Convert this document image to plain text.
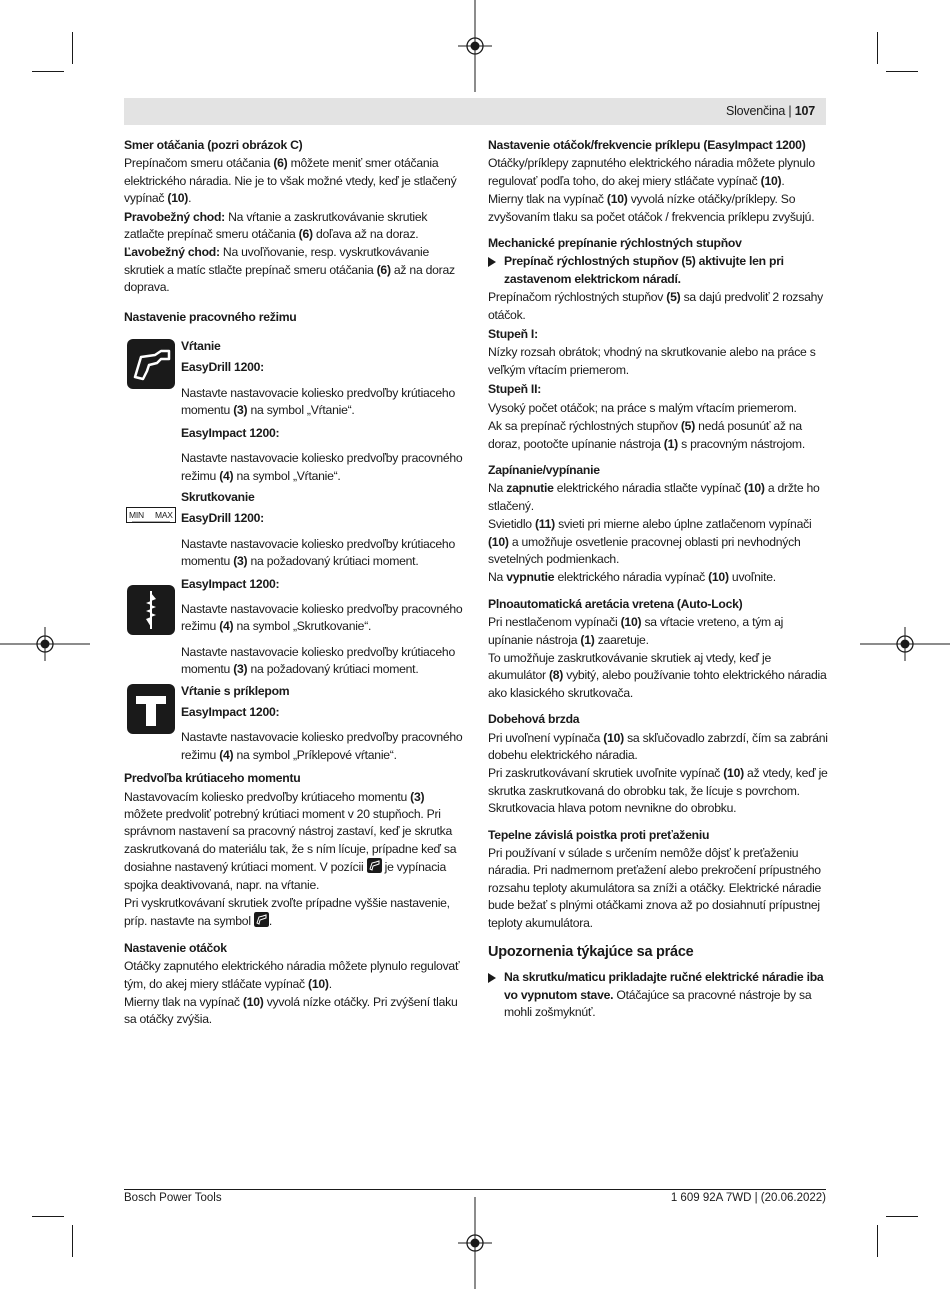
Slovenčina | 107
Smer otáčania (pozri obrázok C)
Prepínačom smeru otáčania (6) môžete meniť smer otáčania elektrického náradia. Nie je to však možné vtedy, keď je stlačený vypínač (10).
Pravobežný chod: Na vŕtanie a zaskrutkovávanie skrutiek zatlačte prepínač smeru otáčania (6) doľava až na doraz.
Ľavobežný chod: Na uvoľňovanie, resp. vyskrutkovávanie skrutiek a matíc stlačte prepínač smeru otáčania (6) až na doraz doprava.
Nastavenie pracovného režimu
Vŕtanie
EasyDrill 1200:
Nastavte nastavovacie koliesko predvoľby krútiaceho momentu (3) na symbol „Vŕtanie“.
EasyImpact 1200:
Nastavte nastavovacie koliesko predvoľby pracovného režimu (4) na symbol „Vŕtanie“.
MIN MAX
Skrutkovanie
EasyDrill 1200:
Nastavte nastavovacie koliesko predvoľby krútiaceho momentu (3) na požadovaný krútiaci moment.
EasyImpact 1200:
Nastavte nastavovacie koliesko predvoľby pracovného režimu (4) na symbol „Skrutkovanie“.
Nastavte nastavovacie koliesko predvoľby krútiaceho momentu (3) na požadovaný krútiaci moment.
Vŕtanie s príklepom
EasyImpact 1200:
Nastavte nastavovacie koliesko predvoľby pracovného režimu (4) na symbol „Príklepové vŕtanie“.
Predvoľba krútiaceho momentu
Nastavovacím koliesko predvoľby krútiaceho momentu (3) môžete predvoliť potrebný krútiaci moment v 20 stupňoch. Pri správnom nastavení sa pracovný nástroj zastaví, keď je skrutka zaskrutkovaná do materiálu tak, že s ním lícuje, prípadne keď sa dosiahne nastavený krútiaci moment. V pozícii  je vypínacia spojka deaktivovaná, napr. na vŕtanie.
Pri vyskrutkovávaní skrutiek zvoľte prípadne vyššie nastavenie, príp. nastavte na symbol .
Nastavenie otáčok
Otáčky zapnutého elektrického náradia môžete plynulo regulovať tým, do akej miery stláčate vypínač (10).
Mierny tlak na vypínač (10) vyvolá nízke otáčky. Pri zvýšení tlaku sa otáčky zvýšia.
Nastavenie otáčok/frekvencie príklepu (EasyImpact 1200)
Otáčky/príklepy zapnutého elektrického náradia môžete plynulo regulovať podľa toho, do akej miery stláčate vypínač (10).
Mierny tlak na vypínač (10) vyvolá nízke otáčky/príklepy. So zvyšovaním tlaku sa počet otáčok / frekvencia príklepu zvyšujú.
Mechanické prepínanie rýchlostných stupňov
Prepínač rýchlostných stupňov (5) aktivujte len pri zastavenom elektrickom náradí.
Prepínačom rýchlostných stupňov (5) sa dajú predvoliť 2 rozsahy otáčok.
Stupeň I:
Nízky rozsah obrátok; vhodný na skrutkovanie alebo na práce s veľkým vŕtacím priemerom.
Stupeň II:
Vysoký počet otáčok; na práce s malým vŕtacím priemerom.
Ak sa prepínač rýchlostných stupňov (5) nedá posunúť až na doraz, pootočte upínanie nástroja (1) s pracovným nástrojom.
Zapínanie/vypínanie
Na zapnutie elektrického náradia stlačte vypínač (10) a držte ho stlačený.
Svietidlo (11) svieti pri mierne alebo úplne zatlačenom vypínači (10) a umožňuje osvetlenie pracovnej oblasti pri nevhodných svetelných podmienkach.
Na vypnutie elektrického náradia vypínač (10) uvoľnite.
Plnoautomatická aretácia vretena (Auto-Lock)
Pri nestlačenom vypínači (10) sa vŕtacie vreteno, a tým aj upínanie nástroja (1) zaaretuje.
To umožňuje zaskrutkovávanie skrutiek aj vtedy, keď je akumulátor (8) vybitý, alebo používanie tohto elektrického náradia ako klasického skrutkovača.
Dobehová brzda
Pri uvoľnení vypínača (10) sa skľučovadlo zabrzdí, čím sa zabráni dobehu elektrického náradia.
Pri zaskrutkovávaní skrutiek uvoľnite vypínač (10) až vtedy, keď je skrutka zaskrutkovaná do obrobku tak, že lícuje s povrchom. Skrutkovacia hlava potom nevnikne do obrobku.
Tepelne závislá poistka proti preťaženiu
Pri používaní v súlade s určením nemôže dôjsť k preťaženiu náradia. Pri nadmernom preťažení alebo prekročení prípustného rozsahu teploty akumulátora sa zníži a otáčky. Elektrické náradie bude bežať s plnými otáčkami znova až po dosiahnutí prípustnej teploty akumulátora.
Upozornenia týkajúce sa práce
Na skrutku/maticu prikladajte ručné elektrické náradie iba vo vypnutom stave. Otáčajúce sa pracovné nástroje by sa mohli zošmyknúť.
Bosch Power Tools	1 609 92A 7WD | (20.06.2022)
